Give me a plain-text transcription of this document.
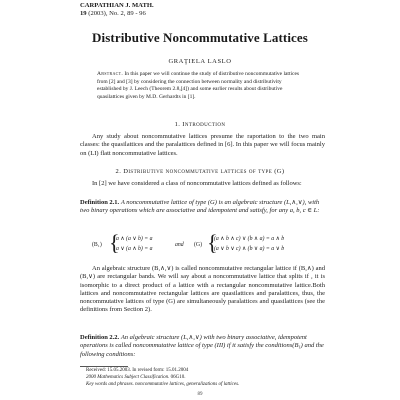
CARPATHIAN J. MATH.
19 (2003), No. 2, 89 - 96
Distributive Noncommutative Lattices
GRAŢIELA LASLO
Abstract. In this paper we will continue the study of distributive noncommutative lattices from [2] and [3] by considering the connection between normality and distributivity established by J. Leech (Theorem 2.8,[4]) and some earlier results about distributive quasilattices given by M.D. Gerhardts in [1].
1. Introduction
Any study about noncommutative lattices presume the raportation to the two main classes: the quasilattices and the paralattices defined in [6]. In this paper we will focus mainly on (LI) flatt noncommutative lattices.
2. Distributive noncommutative lattices of type (G)
In [2] we have considered a class of noncommutative lattices defined as follows:
Definition 2.1. A noncommutative lattice of type (G) is an algebraic structure (L,∧,∨), with two binary operations which are associative and idempotent and satisfy, for any a, b, c ∈ L:
(B₁) {
a ∧ (a ∨ b) = a
a ∨ (a ∧ b) = a
and (G) {
(a ∧ b ∧ c) ∨ (b ∧ a) = a ∧ b
(a ∨ b ∨ c) ∧ (b ∨ a) = a ∨ b
An algebraic structure (B,∧,∨) is called noncommutative rectangular lattice if (B,∧) and (B,∨) are rectangular bands. We will say about a noncommutative lattice that splits if , it is isomorphic to a direct product of a lattice with a rectangular noncommutative lattice.Both lattices and noncommutative rectangular lattices are quasilattices and paralattices, thus, the noncommutative lattices of type (G) are simultaneously paralattices and quasilattices (see the definitions from Section 2).
Definition 2.2. An algebraic structure (L,∧,∨) with two binary associative, idempotent operations is called noncommutative lattice of type (III) if it satisfy the conditions(B₁) and the following conditions:
Received: 15.05.2003. In revised form: 15.01.2004
2000 Mathematics Subject Classification. 06G10.
Key words and phrases. noncommutative lattices, generalizations of lattices.
89
